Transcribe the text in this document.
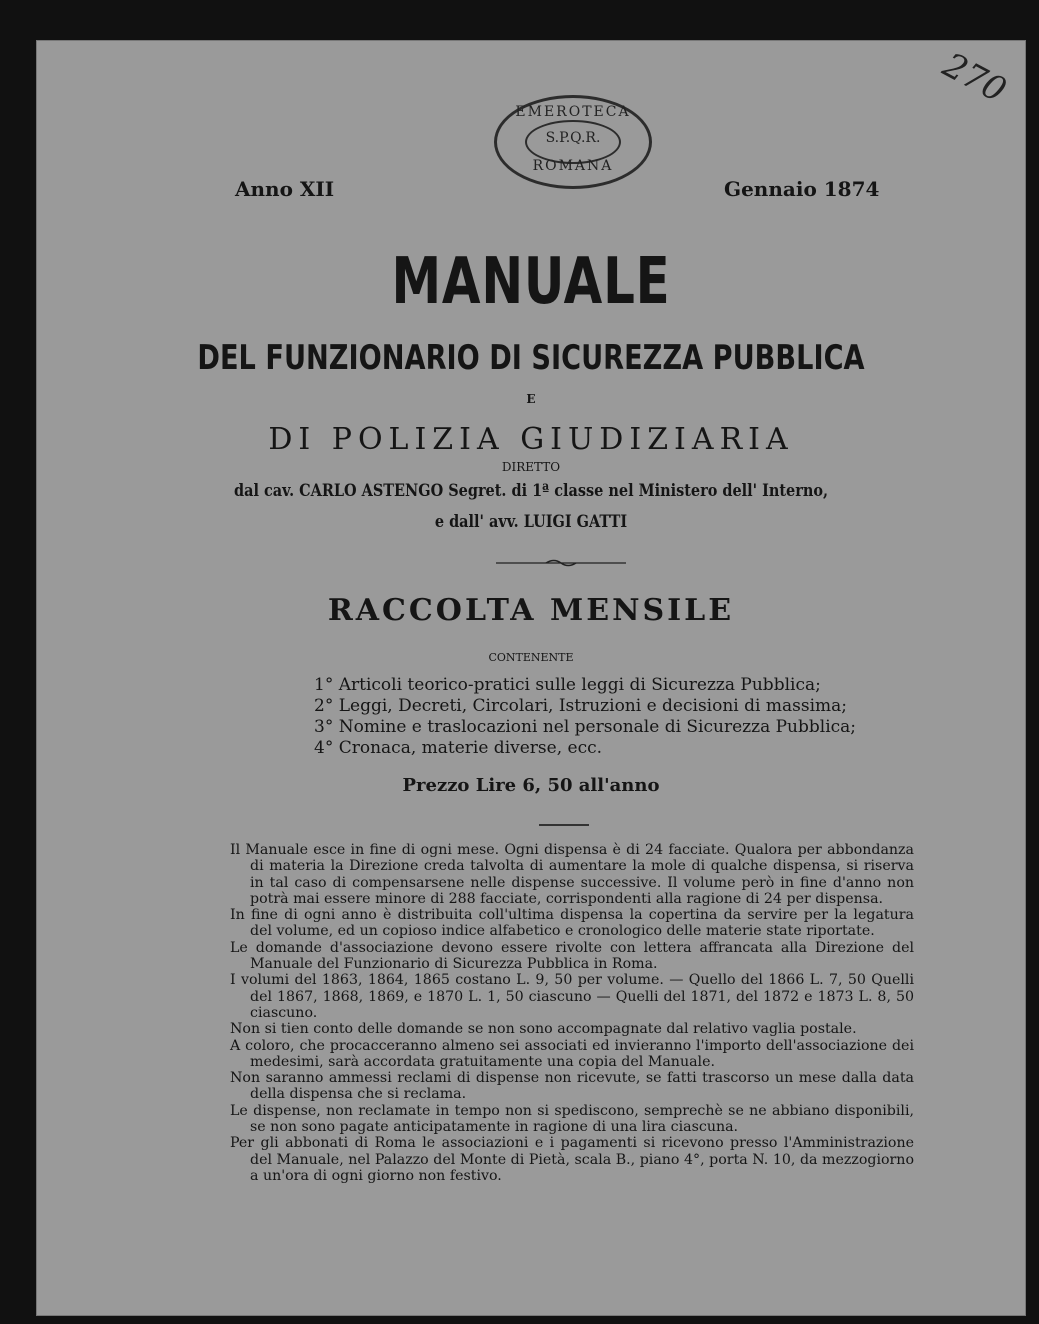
EMEROTECA
S.P.Q.R.
ROMANA
270
Anno XII	Gennaio 1874
MANUALE
DEL FUNZIONARIO DI SICUREZZA PUBBLICA
E
DI POLIZIA GIUDIZIARIA
DIRETTO
dal cav. CARLO ASTENGO Segret. di 1ª classe nel Ministero dell' Interno,
e dall' avv. LUIGI GATTI
RACCOLTA MENSILE
CONTENENTE
1° Articoli teorico-pratici sulle leggi di Sicurezza Pubblica;
2° Leggi, Decreti, Circolari, Istruzioni e decisioni di massima;
3° Nomine e traslocazioni nel personale di Sicurezza Pubblica;
4° Cronaca, materie diverse, ecc.
Prezzo Lire 6, 50 all'anno

Il Manuale esce in fine di ogni mese. Ogni dispensa è di 24 facciate. Qualora per abbondanza di materia la Direzione creda talvolta di aumentare la mole di qualche dispensa, si riserva in tal caso di compensarsene nelle dispense successive. Il volume però in fine d'anno non potrà mai essere minore di 288 facciate, corrispondenti alla ragione di 24 per dispensa.

In fine di ogni anno è distribuita coll'ultima dispensa la copertina da servire per la legatura del volume, ed un copioso indice alfabetico e cronologico delle materie state riportate.

Le domande d'associazione devono essere rivolte con lettera affrancata alla Direzione del Manuale del Funzionario di Sicurezza Pubblica in Roma.

I volumi del 1863, 1864, 1865 costano L. 9, 50 per volume. — Quello del 1866 L. 7, 50 Quelli del 1867, 1868, 1869, e 1870 L. 1, 50 ciascuno — Quelli del 1871, del 1872 e 1873 L. 8, 50 ciascuno.

Non si tien conto delle domande se non sono accompagnate dal relativo vaglia postale.

A coloro, che procacceranno almeno sei associati ed invieranno l'importo dell'associazione dei medesimi, sarà accordata gratuitamente una copia del Manuale.

Non saranno ammessi reclami di dispense non ricevute, se fatti trascorso un mese dalla data della dispensa che si reclama.

Le dispense, non reclamate in tempo non si spediscono, semprechè se ne abbiano disponibili, se non sono pagate anticipatamente in ragione di una lira ciascuna.

Per gli abbonati di Roma le associazioni e i pagamenti si ricevono presso l'Amministrazione del Manuale, nel Palazzo del Monte di Pietà, scala B., piano 4°, porta N. 10, da mezzogiorno a un'ora di ogni giorno non festivo.
